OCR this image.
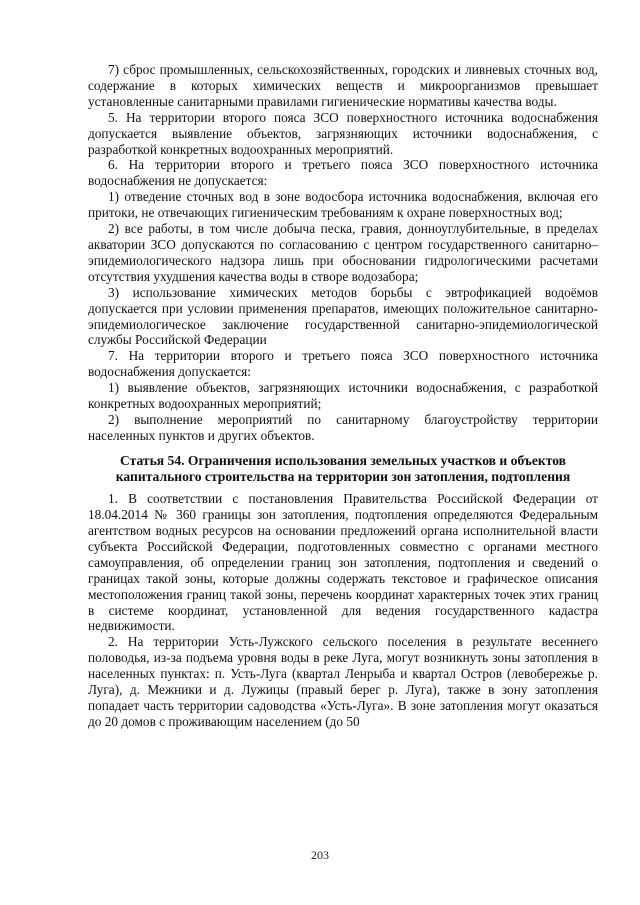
7) сброс промышленных, сельскохозяйственных, городских и ливневых сточных вод, содержание в которых химических веществ и микроорганизмов превышает установленные санитарными правилами гигиенические нормативы качества воды.

5. На территории второго пояса ЗСО поверхностного источника водоснабжения допускается выявление объектов, загрязняющих источники водоснабжения, с разработкой конкретных водоохранных мероприятий.

6. На территории второго и третьего пояса ЗСО поверхностного источника водоснабжения не допускается:

1) отведение сточных вод в зоне водосбора источника водоснабжения, включая его притоки, не отвечающих гигиеническим требованиям к охране поверхностных вод;

2) все работы, в том числе добыча песка, гравия, донноуглубительные, в пределах акватории ЗСО допускаются по согласованию с центром государственного санитарно–эпидемиологического надзора лишь при обосновании гидрологическими расчетами отсутствия ухудшения качества воды в створе водозабора;

3) использование химических методов борьбы с эвтрофикацией водоёмов допускается при условии применения препаратов, имеющих положительное санитарно-эпидемиологическое заключение государственной санитарно-эпидемиологической службы Российской Федерации

7. На территории второго и третьего пояса ЗСО поверхностного источника водоснабжения допускается:

1) выявление объектов, загрязняющих источники водоснабжения, с разработкой конкретных водоохранных мероприятий;

2) выполнение мероприятий по санитарному благоустройству территории населенных пунктов и других объектов.

Статья 54. Ограничения использования земельных участков и объектов капитального строительства на территории зон затопления, подтопления

1. В соответствии с постановления Правительства Российской Федерации от 18.04.2014 № 360 границы зон затопления, подтопления определяются Федеральным агентством водных ресурсов на основании предложений органа исполнительной власти субъекта Российской Федерации, подготовленных совместно с органами местного самоуправления, об определении границ зон затопления, подтопления и сведений о границах такой зоны, которые должны содержать текстовое и графическое описания местоположения границ такой зоны, перечень координат характерных точек этих границ в системе координат, установленной для ведения государственного кадастра недвижимости.

2. На территории Усть-Лужского сельского поселения в результате весеннего половодья, из-за подъема уровня воды в реке Луга, могут возникнуть зоны затопления в населенных пунктах: п. Усть-Луга (квартал Ленрыба и квартал Остров (левобережье р. Луга), д. Межники и д. Лужицы (правый берег р. Луга), также в зону затопления попадает часть территории садоводства «Усть-Луга». В зоне затопления могут оказаться до 20 домов с проживающим населением (до 50

203
